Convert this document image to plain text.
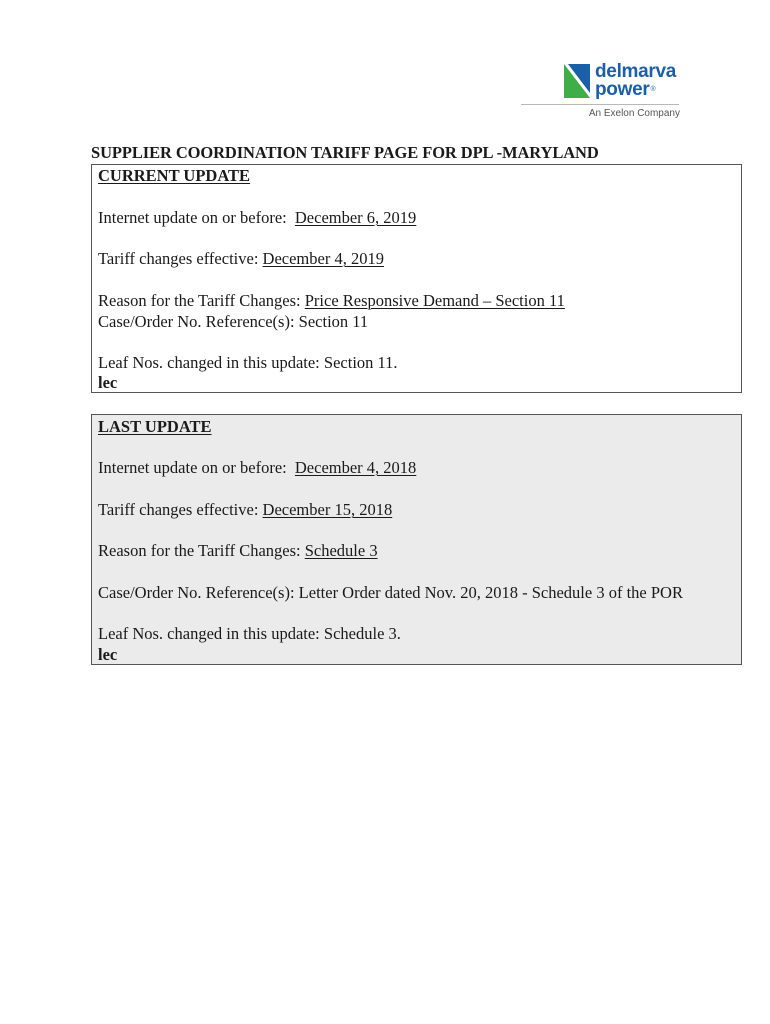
delmarva
power®
An Exelon Company
SUPPLIER COORDINATION TARIFF PAGE FOR DPL -MARYLAND
CURRENT UPDATE
Internet update on or before: December 6, 2019
Tariff changes effective: December 4, 2019
Reason for the Tariff Changes: Price Responsive Demand – Section 11
Case/Order No. Reference(s): Section 11
Leaf Nos. changed in this update: Section 11.
lec
LAST UPDATE
Internet update on or before: December 4, 2018
Tariff changes effective: December 15, 2018
Reason for the Tariff Changes: Schedule 3
Case/Order No. Reference(s): Letter Order dated Nov. 20, 2018 - Schedule 3 of the POR
Leaf Nos. changed in this update: Schedule 3.
lec
